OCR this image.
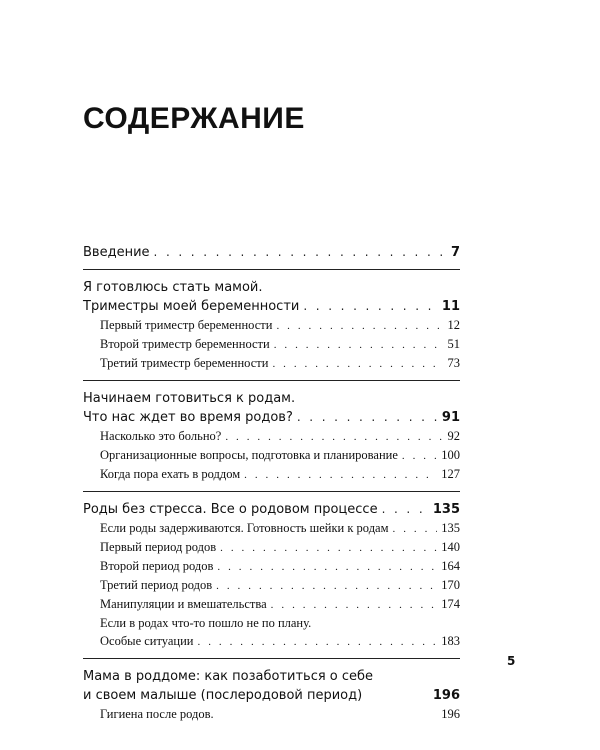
СОДЕРЖАНИЕ
Введение . . .	7
Я готовлюсь стать мамой.
Триместры моей беременности . . .	11
Первый триместр беременности . . .	12
Второй триместр беременности . . .	51
Третий триместр беременности . . .	73
Начинаем готовиться к родам.
Что нас ждет во время родов? . . .	91
Насколько это больно? . . .	92
Организационные вопросы, подготовка и планирование . . .	100
Когда пора ехать в роддом . . .	127
Роды без стресса. Все о родовом процессе . . .	135
Если роды задерживаются. Готовность шейки к родам . . .	135
Первый период родов . . .	140
Второй период родов . . .	164
Третий период родов . . .	170
Манипуляции и вмешательства . . .	174
Если в родах что-то пошло не по плану.
Особые ситуации . . .	183
Мама в роддоме: как позаботиться о себе
и своем малыше (послеродовой период)	196
Гигиена после родов.	196
5
